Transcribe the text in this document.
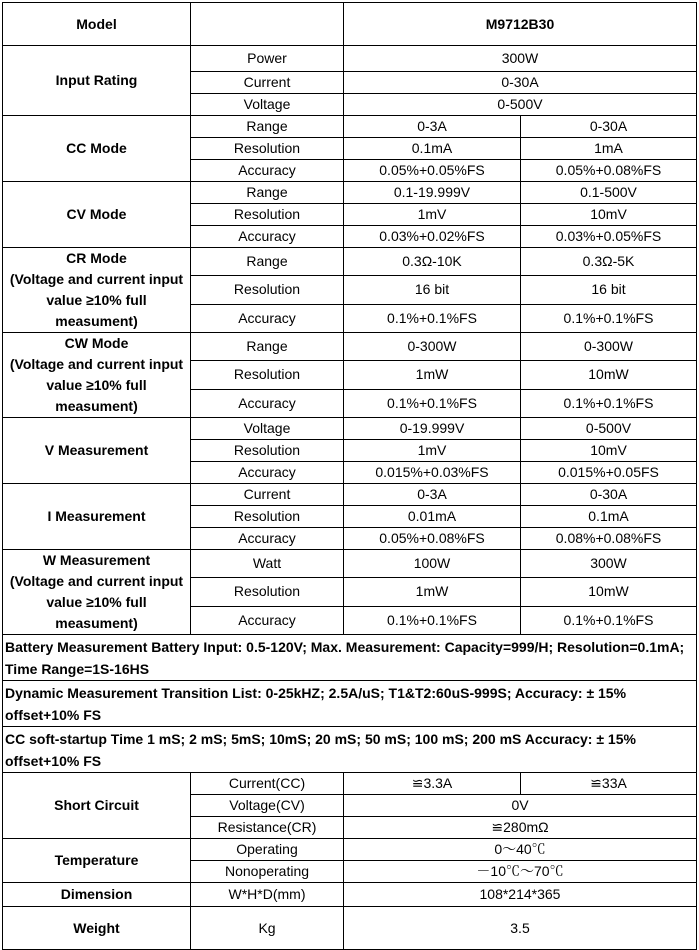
Model		M9712B30	
Input Rating	Power	300W	
	Current	0-30A	
	Voltage	0-500V	
CC Mode	Range	0-3A	0-30A
	Resolution	0.1mA	1mA
	Accuracy	0.05%+0.05%FS	0.05%+0.08%FS
CV Mode	Range	0.1-19.999V	0.1-500V
	Resolution	1mV	10mV
	Accuracy	0.03%+0.02%FS	0.03%+0.05%FS

CR Mode
(Voltage and current input
value ≥10% full measument)	Range	0.3Ω-10K	0.3Ω-5K
	Resolution	16 bit	16 bit
	Accuracy	0.1%+0.1%FS	0.1%+0.1%FS

CW Mode
(Voltage and current input
value ≥10% full measument)	Range	0-300W	0-300W
	Resolution	1mW	10mW
	Accuracy	0.1%+0.1%FS	0.1%+0.1%FS
V Measurement	Voltage	0-19.999V	0-500V
	Resolution	1mV	10mV
	Accuracy	0.015%+0.03%FS	0.015%+0.05FS
I Measurement	Current	0-3A	0-30A
	Resolution	0.01mA	0.1mA
	Accuracy	0.05%+0.08%FS	0.08%+0.08%FS

W Measurement
(Voltage and current input
value ≥10% full measument)	Watt	100W	300W
	Resolution	1mW	10mW
	Accuracy	0.1%+0.1%FS	0.1%+0.1%FS

Battery Measurement Battery Input: 0.5-120V; Max. Measurement: Capacity=999/H; Resolution=0.1mA;
Time Range=1S-16HS			

Dynamic Measurement Transition List: 0-25kHZ; 2.5A/uS; T1&T2:60uS-999S; Accuracy: ± 15%
offset+10% FS			

CC soft-startup Time 1 mS; 2 mS; 5mS; 10mS; 20 mS; 50 mS; 100 mS; 200 mS Accuracy: ± 15%
offset+10% FS			

Short Circuit	Current(CC)	≌3.3A	≌33A
	Voltage(CV)	0V	
	Resistance(CR)	≌280mΩ	
Temperature	Operating	0～40℃	
	Nonoperating	－10℃～70℃	
Dimension	W*H*D(mm)	108*214*365	
Weight	Kg	3.5	
